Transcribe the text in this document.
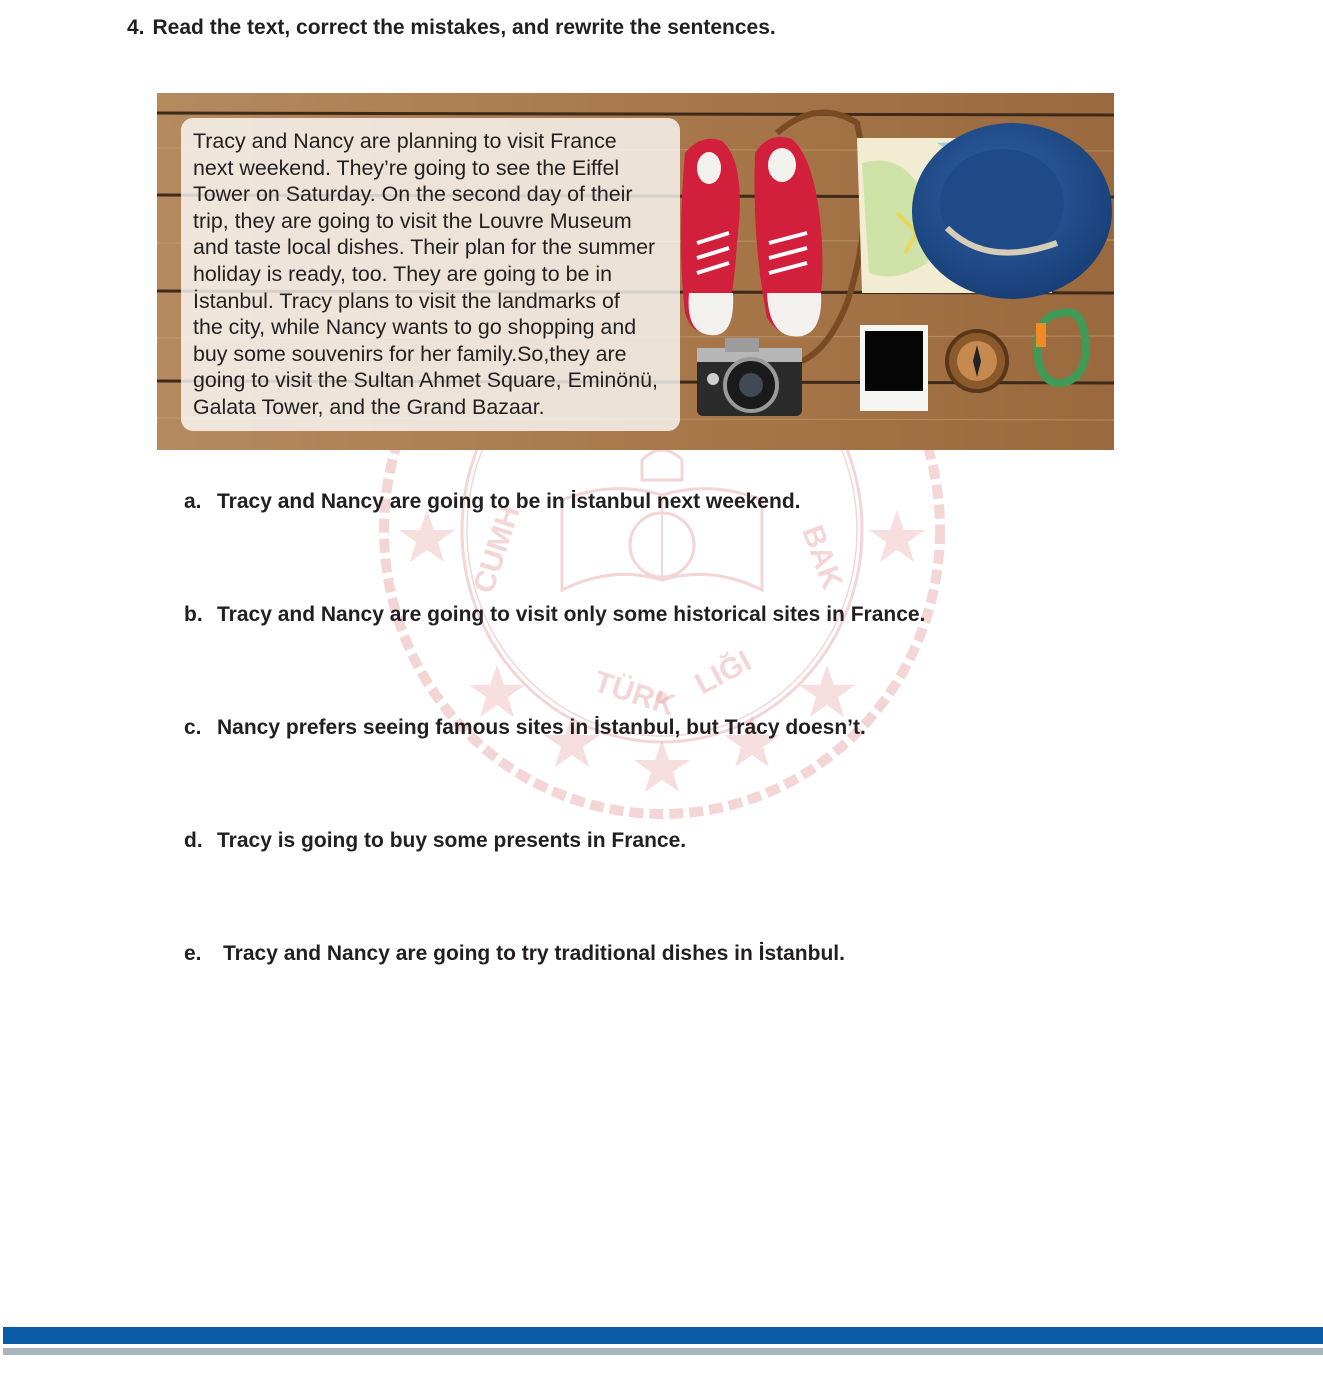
4. Read the text, correct the mistakes, and rewrite the sentences.
TÜRK LIĞI
CUMH	BAK
Tracy and Nancy are planning to visit France
next weekend. They’re going to see the Eiffel
Tower on Saturday. On the second day of their
trip, they are going to visit the Louvre Museum
and taste local dishes. Their plan for the summer
holiday is ready, too. They are going to be in
İstanbul. Tracy plans to visit the landmarks of
the city, while Nancy wants to go shopping and
buy some souvenirs for her family.So,they are
going to visit the Sultan Ahmet Square, Eminönü,
Galata Tower, and the Grand Bazaar.
a. Tracy and Nancy are going to be in İstanbul next weekend.
b. Tracy and Nancy are going to visit only some historical sites in France.
c. Nancy prefers seeing famous sites in İstanbul, but Tracy doesn’t.
d. Tracy is going to buy some presents in France.
e. Tracy and Nancy are going to try traditional dishes in İstanbul.
